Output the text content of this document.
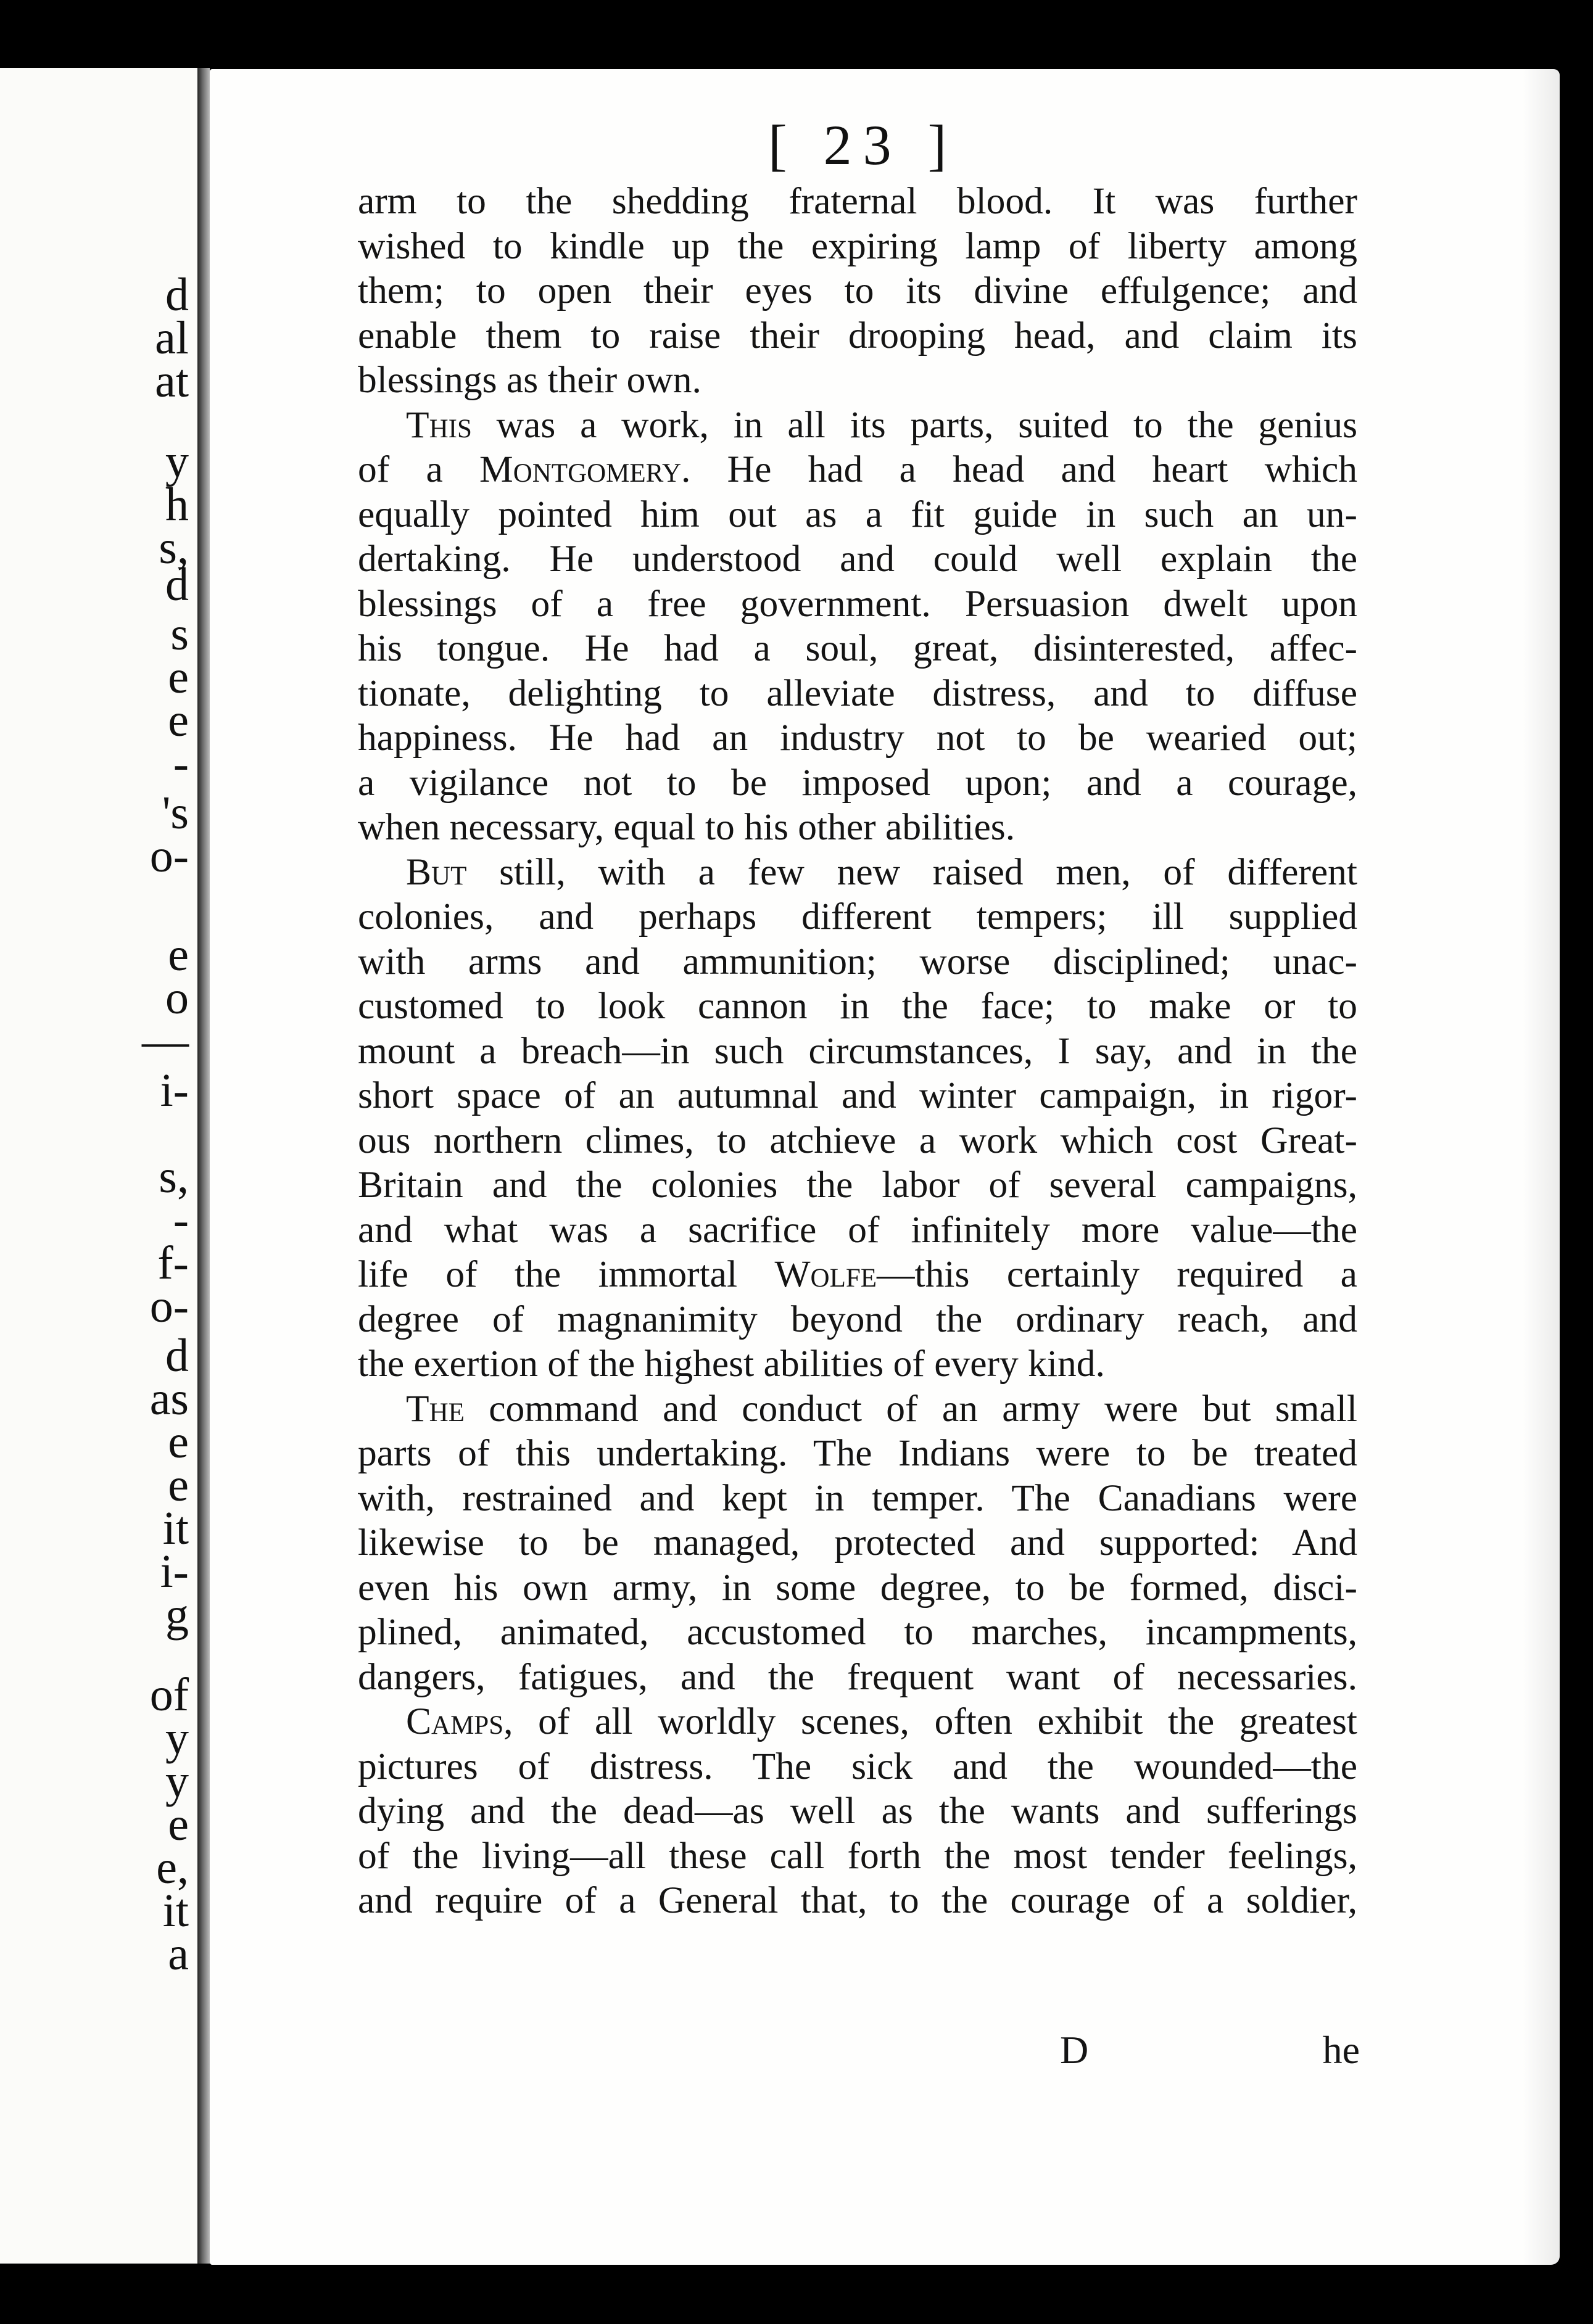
d
al
at
y
h
s,
d
s
e
e
-
's
o-
e
o
—
i-
s,
-
f-
o-
d
as
e
e
it
i-
g
of
y
y
e
e,
it
a
[ 23 ]
arm to the shedding fraternal blood. It was further
wished to kindle up the expiring lamp of liberty among
them; to open their eyes to its divine effulgence; and
enable them to raise their drooping head, and claim its
blessings as their own.
This was a work, in all its parts, suited to the genius
of a Montgomery. He had a head and heart which
equally pointed him out as a fit guide in such an un-
dertaking. He understood and could well explain the
blessings of a free government. Persuasion dwelt upon
his tongue. He had a soul, great, disinterested, affec-
tionate, delighting to alleviate distress, and to diffuse
happiness. He had an industry not to be wearied out;
a vigilance not to be imposed upon; and a courage,
when necessary, equal to his other abilities.
But still, with a few new raised men, of different
colonies, and perhaps different tempers; ill supplied
with arms and ammunition; worse disciplined; unac-
customed to look cannon in the face; to make or to
mount a breach—in such circumstances, I say, and in the
short space of an autumnal and winter campaign, in rigor-
ous northern climes, to atchieve a work which cost Great-
Britain and the colonies the labor of several campaigns,
and what was a sacrifice of infinitely more value—the
life of the immortal Wolfe—this certainly required a
degree of magnanimity beyond the ordinary reach, and
the exertion of the highest abilities of every kind.
The command and conduct of an army were but small
parts of this undertaking. The Indians were to be treated
with, restrained and kept in temper. The Canadians were
likewise to be managed, protected and supported: And
even his own army, in some degree, to be formed, disci-
plined, animated, accustomed to marches, incampments,
dangers, fatigues, and the frequent want of necessaries.
Camps, of all worldly scenes, often exhibit the greatest
pictures of distress. The sick and the wounded—the
dying and the dead—as well as the wants and sufferings
of the living—all these call forth the most tender feelings,
and require of a General that, to the courage of a soldier,
D	he
